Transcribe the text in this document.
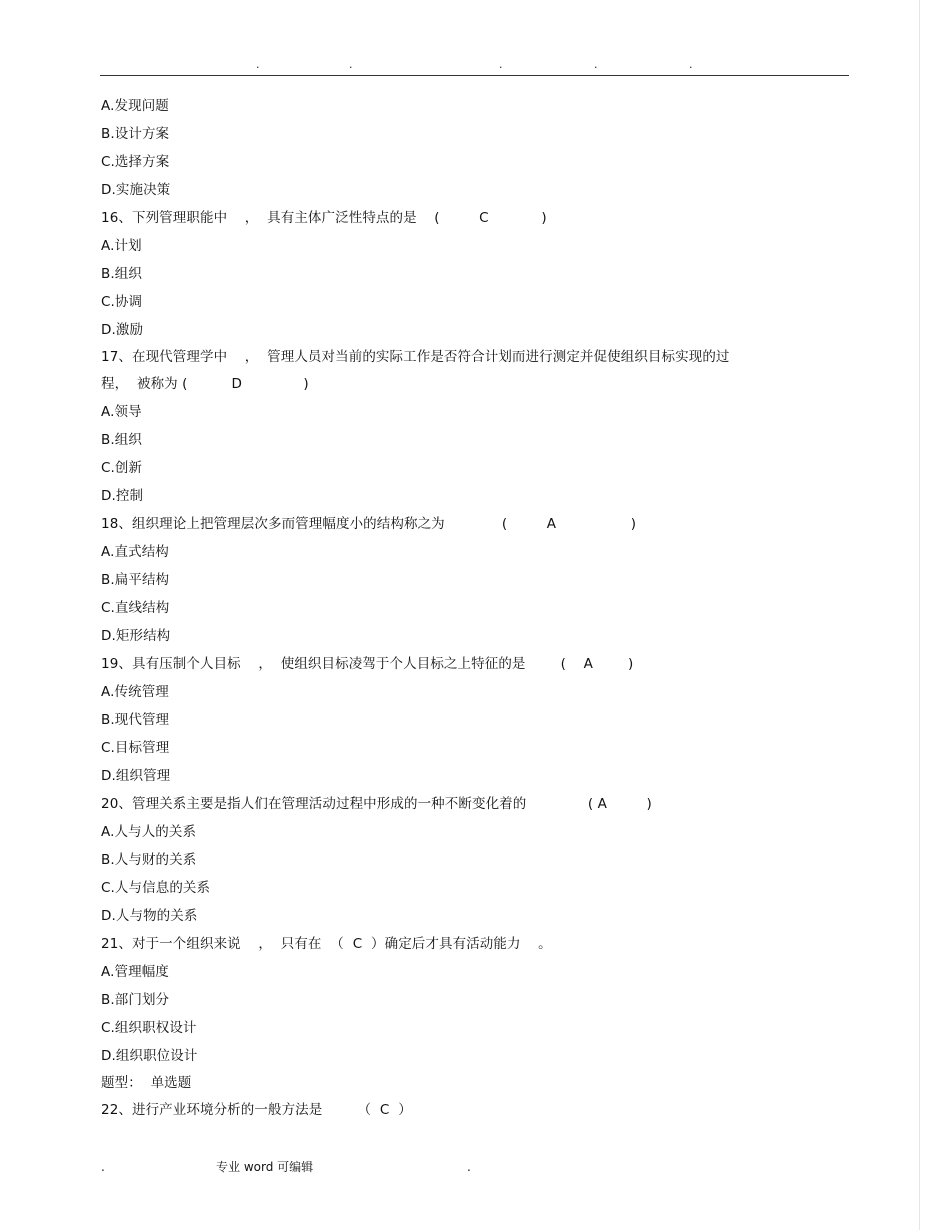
.	.	.	.	.
A.发现问题
B.设计方案
C.选择方案
D.实施决策
16、下列管理职能中    ，  具有主体广泛性特点的是    (         C            )
A.计划
B.组织
C.协调
D.激励
17、在现代管理学中    ，  管理人员对当前的实际工作是否符合计划而进行测定并促使组织目标实现的过
程，  被称为 (          D              )
A.领导
B.组织
C.创新
D.控制
18、组织理论上把管理层次多而管理幅度小的结构称之为             (         A                 )
A.直式结构
B.扁平结构
C.直线结构
D.矩形结构
19、具有压制个人目标    ，  使组织目标凌驾于个人目标之上特征的是        (    A        )
A.传统管理
B.现代管理
C.目标管理
D.组织管理
20、管理关系主要是指人们在管理活动过程中形成的一种不断变化着的              ( A         )
A.人与人的关系
B.人与财的关系
C.人与信息的关系
D.人与物的关系
21、对于一个组织来说    ，  只有在  （  C  ）确定后才具有活动能力    。
A.管理幅度
B.部门划分
C.组织职权设计
D.组织职位设计
题型：  单选题
22、进行产业环境分析的一般方法是        （  C  ）
.	专业 word 可编辑	.
